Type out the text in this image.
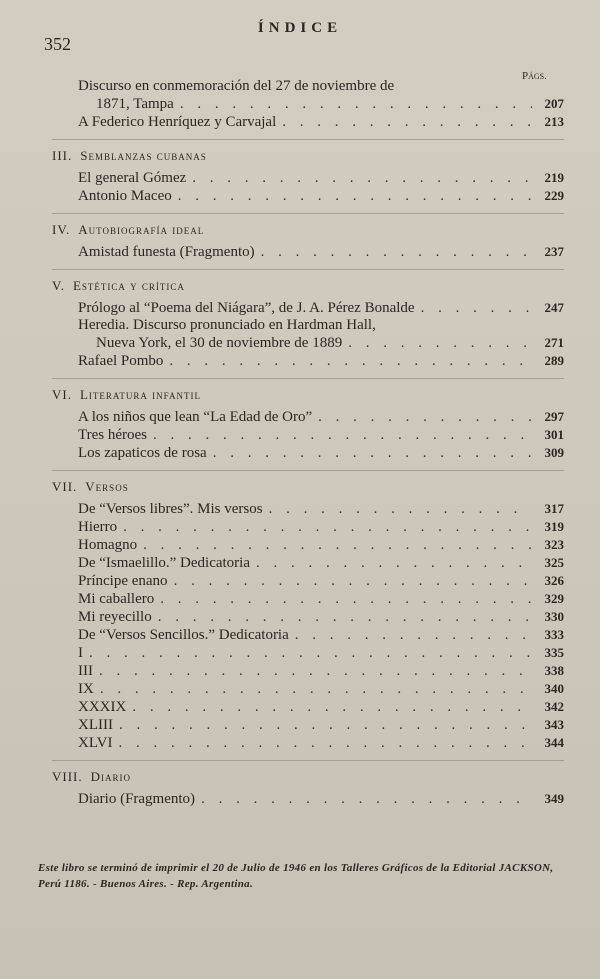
352
ÍNDICE
Págs.
Discurso en conmemoración del 27 de noviembre de
1871, Tampa . . .	207
A Federico Henríquez y Carvajal . . .	213
III. Semblanzas cubanas
El general Gómez . . .	219
Antonio Maceo . . .	229
IV. Autobiografía ideal
Amistad funesta (Fragmento) . . .	237
V. Estética y crítica
Prólogo al “Poema del Niágara”, de J. A. Pérez Bonalde . . .	247
Heredia. Discurso pronunciado en Hardman Hall,
Nueva York, el 30 de noviembre de 1889 . . .	271
Rafael Pombo . . .	289
VI. Literatura infantil
A los niños que lean “La Edad de Oro” . . .	297
Tres héroes . . .	301
Los zapaticos de rosa . . .	309
VII. Versos
De “Versos libres”. Mis versos . . .	317
Hierro . . .	319
Homagno . . .	323
De “Ismaelillo.” Dedicatoria . . .	325
Príncipe enano . . .	326
Mi caballero . . .	329
Mi reyecillo . . .	330
De “Versos Sencillos.” Dedicatoria . . .	333
I . . .	335
III . . .	338
IX . . .	340
XXXIX . . .	342
XLIII . . .	343
XLVI . . .	344
VIII. Diario
Diario (Fragmento) . . .	349
Este libro se terminó de imprimir el 20 de Julio de 1946 en los Talleres Gráficos de la Editorial JACKSON, Perú 1186. - Buenos Aires. - Rep. Argentina.
